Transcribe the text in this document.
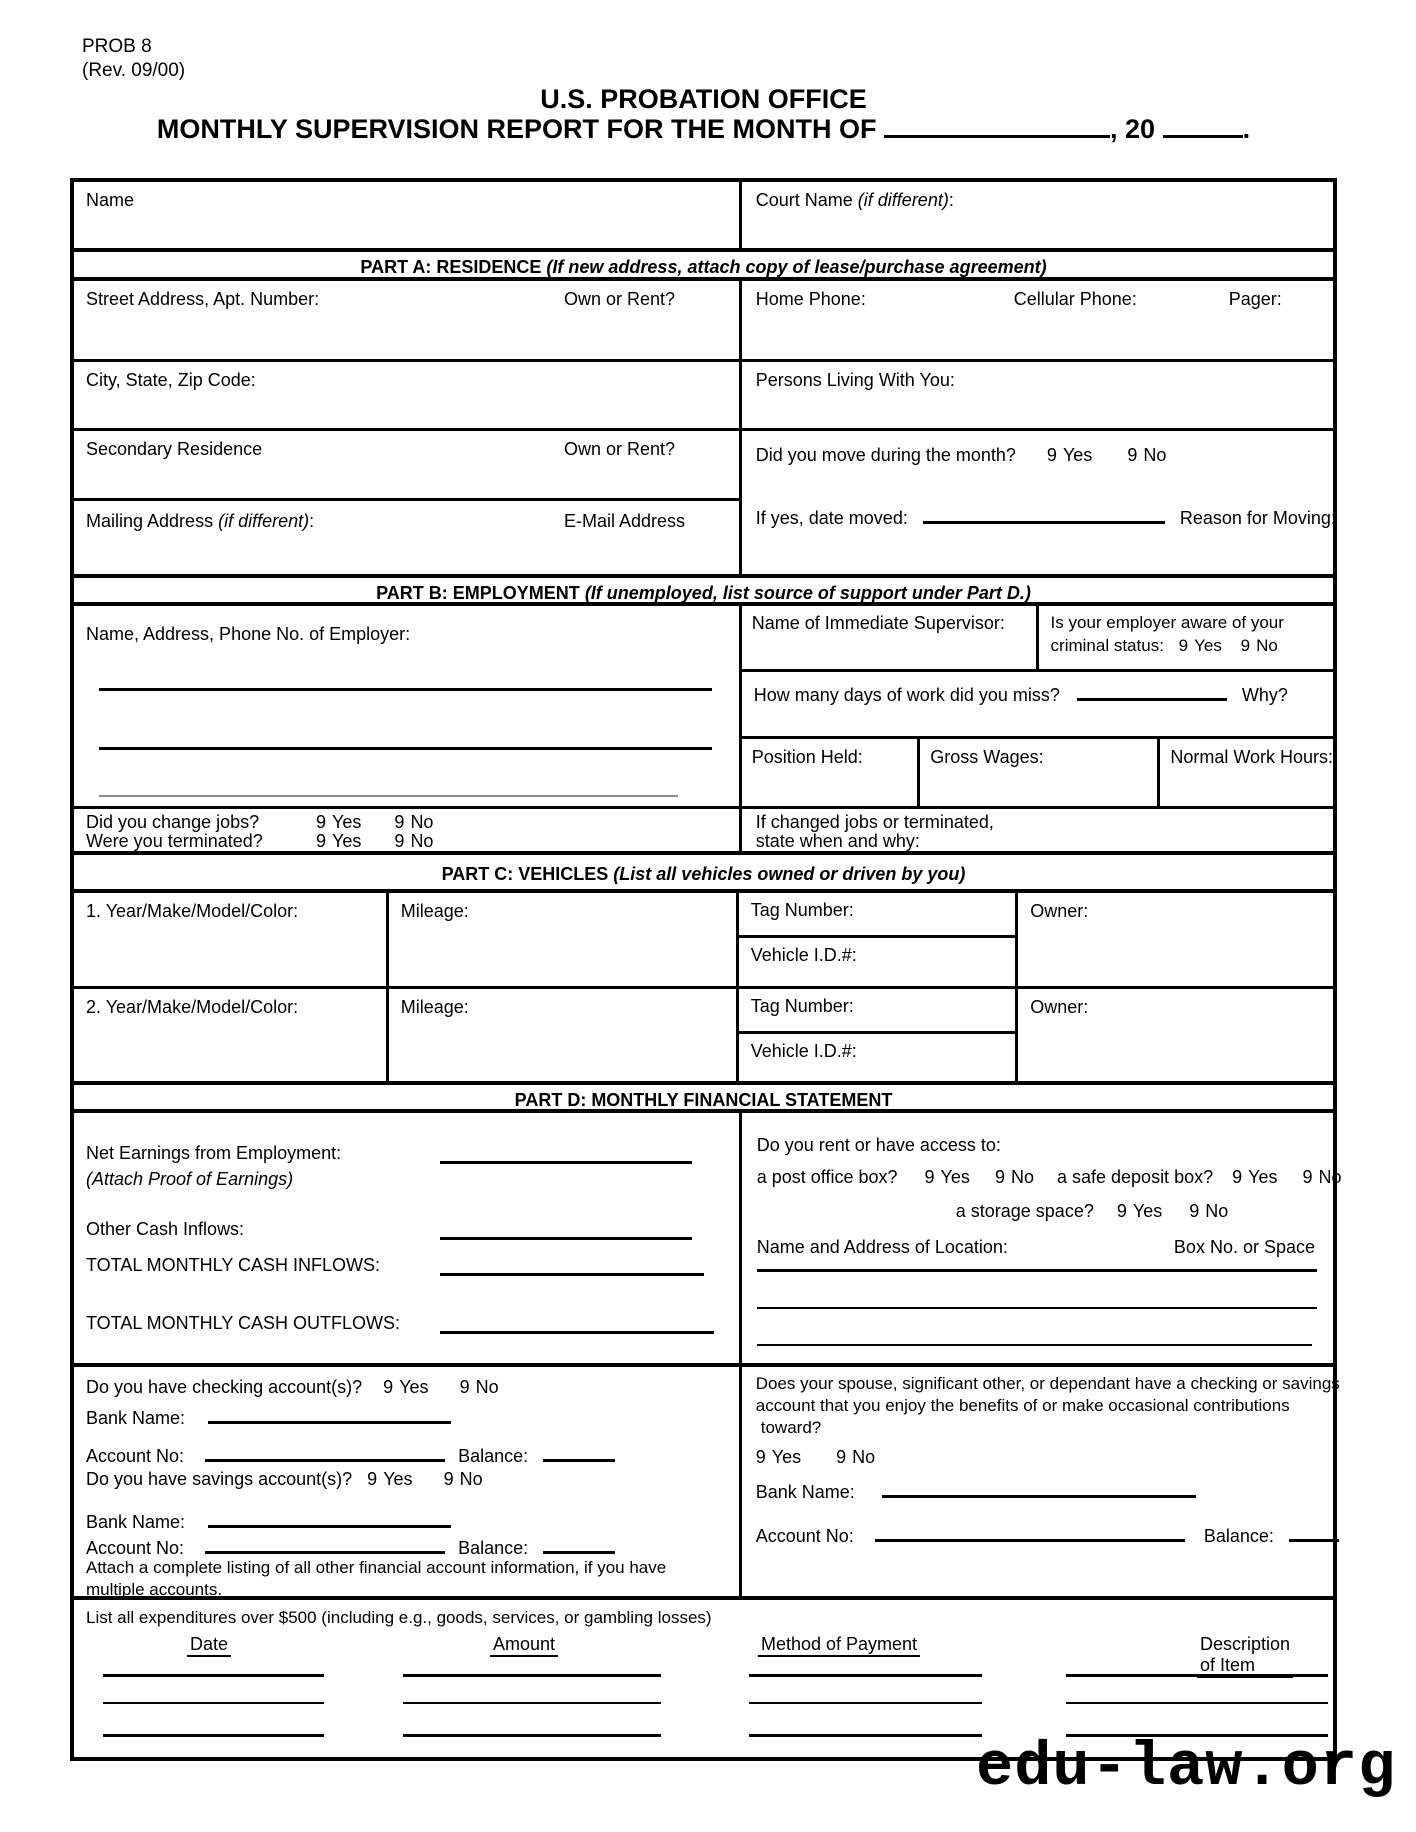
PROB 8
(Rev. 09/00)
U.S. PROBATION OFFICE
MONTHLY SUPERVISION REPORT FOR THE MONTH OF	, 20	.
Name	Court Name (if different):
PART A: RESIDENCE (If new address, attach copy of lease/purchase agreement)
Street Address, Apt. Number:	Own or Rent?	Home Phone:	Cellular Phone:	Pager:
City, State, Zip Code:	Persons Living With You:
Secondary Residence	Own or Rent?
Mailing Address (if different):	E-Mail Address
Did you move during the month? 9 Yes 9 No
If yes, date moved:	Reason for Moving:
PART B: EMPLOYMENT (If unemployed, list source of support under Part D.)
Name, Address, Phone No. of Employer:
Name of Immediate Supervisor:	Is your employer aware of your
criminal status: 9 Yes 9 No
How many days of work did you miss?	Why?
Position Held:	Gross Wages:	Normal Work Hours:
Did you change jobs?	9 Yes 9 No
Were you terminated?	9 Yes 9 No
If changed jobs or terminated,
state when and why:
PART C: VEHICLES (List all vehicles owned or driven by you)
1. Year/Make/Model/Color:	Mileage:	Tag Number:
Vehicle I.D.#:
Owner:
2. Year/Make/Model/Color:	Mileage:	Tag Number:
Vehicle I.D.#:
Owner:
PART D: MONTHLY FINANCIAL STATEMENT
Net Earnings from Employment:
(Attach Proof of Earnings)
Other Cash Inflows:
TOTAL MONTHLY CASH INFLOWS:
TOTAL MONTHLY CASH OUTFLOWS:
Do you rent or have access to:
a post office box? 9 Yes 9 No a safe deposit box? 9 Yes 9 No
a storage space? 9 Yes 9 No
Name and Address of Location:	Box No. or Space
Do you have checking account(s)? 9 Yes 9 No
Bank Name:
Account No:	Balance:
Do you have savings account(s)? 9 Yes 9 No
Bank Name:
Account No:	Balance:
Attach a complete listing of all other financial account information, if you have
multiple accounts.
Does your spouse, significant other, or dependant have a checking or savings
account that you enjoy the benefits of or make occasional contributions
toward?
9 Yes 9 No
Bank Name:
Account No:	Balance:
List all expenditures over $500 (including e.g., goods, services, or gambling losses)
Date	Amount	Method of Payment	Description of Item
edu-law.org
